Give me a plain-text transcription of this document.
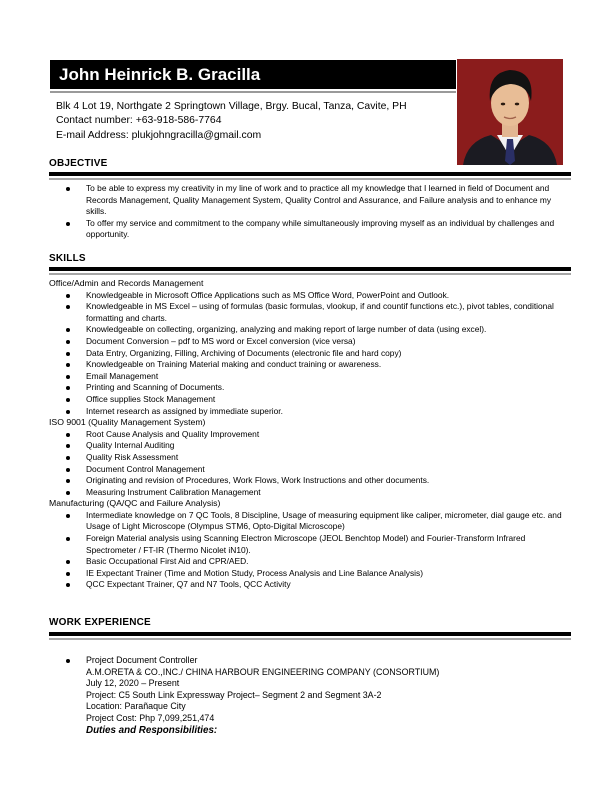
John Heinrick B. Gracilla
Blk 4 Lot 19, Northgate 2 Springtown Village, Brgy. Bucal, Tanza, Cavite, PH
Contact number: +63-918-586-7764
E-mail Address: plukjohngracilla@gmail.com
OBJECTIVE
To be able to express my creativity in my line of work and to practice all my knowledge that I learned in field of Document and Records Management, Quality Management System, Quality Control and Assurance, and Failure analysis and to enhance my skills.
To offer my service and commitment to the company while simultaneously improving myself as an individual by challenges and opportunity.
SKILLS
Office/Admin and Records Management
Knowledgeable in Microsoft Office Applications such as MS Office Word, PowerPoint and Outlook.
Knowledgeable in MS Excel – using of formulas (basic formulas, vlookup, if and countif functions etc.), pivot tables, conditional formatting and charts.
Knowledgeable on collecting, organizing, analyzing and making report of large number of data (using excel).
Document Conversion – pdf to MS word or Excel conversion (vice versa)
Data Entry, Organizing, Filling, Archiving of Documents (electronic file and hard copy)
Knowledgeable on Training Material making and conduct training or awareness.
Email Management
Printing and Scanning of Documents.
Office supplies Stock Management
Internet research as assigned by immediate superior.
ISO 9001 (Quality Management System)
Root Cause Analysis and Quality Improvement
Quality Internal Auditing
Quality Risk Assessment
Document Control Management
Originating and revision of Procedures, Work Flows, Work Instructions and other documents.
Measuring Instrument Calibration Management
Manufacturing (QA/QC and Failure Analysis)
Intermediate knowledge on 7 QC Tools, 8 Discipline, Usage of measuring equipment like caliper, micrometer, dial gauge etc. and Usage of Light Microscope (Olympus STM6, Opto-Digital Microscope)
Foreign Material analysis using Scanning Electron Microscope (JEOL Benchtop Model) and Fourier-Transform Infrared Spectrometer / FT-IR (Thermo Nicolet iN10).
Basic Occupational First Aid and CPR/AED.
IE Expectant Trainer (Time and Motion Study, Process Analysis and Line Balance Analysis)
QCC Expectant Trainer, Q7 and N7 Tools, QCC Activity
WORK EXPERIENCE
Project Document Controller
A.M.ORETA & CO.,INC./ CHINA HARBOUR ENGINEERING COMPANY (CONSORTIUM)
July 12, 2020 – Present
Project: C5 South Link Expressway Project– Segment 2 and Segment 3A-2
Location: Parañaque City
Project Cost: Php 7,099,251,474
Duties and Responsibilities:
